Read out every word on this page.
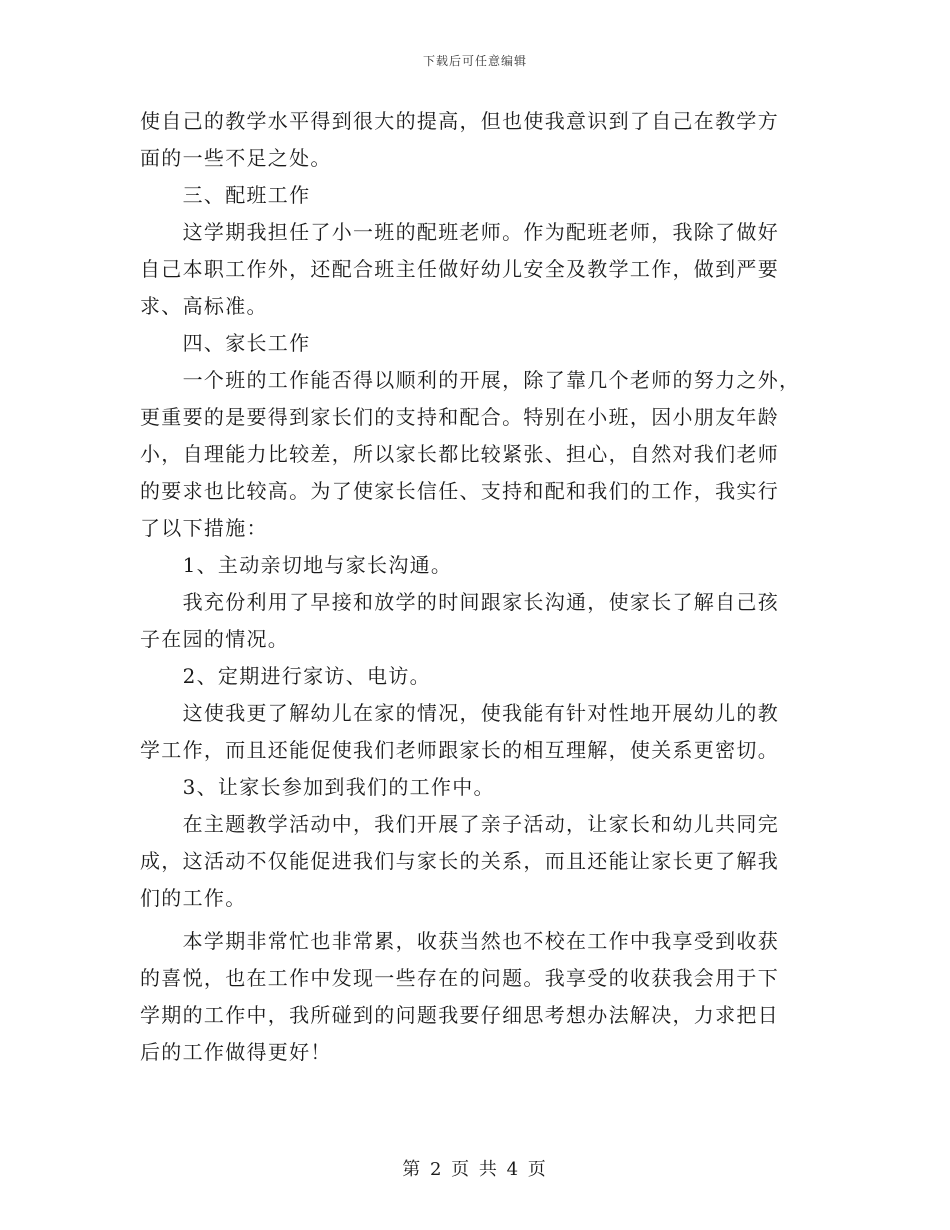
下载后可任意编辑
使自己的教学水平得到很大的提高，但也使我意识到了自己在教学方
面的一些不足之处。
　　三、配班工作
　　这学期我担任了小一班的配班老师。作为配班老师，我除了做好
自己本职工作外，还配合班主任做好幼儿安全及教学工作，做到严要
求、高标准。
　　四、家长工作
　　一个班的工作能否得以顺利的开展，除了靠几个老师的努力之外，
更重要的是要得到家长们的支持和配合。特别在小班，因小朋友年龄
小，自理能力比较差，所以家长都比较紧张、担心，自然对我们老师
的要求也比较高。为了使家长信任、支持和配和我们的工作，我实行
了以下措施：
　　1、主动亲切地与家长沟通。
　　我充份利用了早接和放学的时间跟家长沟通，使家长了解自己孩
子在园的情况。
　　2、定期进行家访、电访。
　　这使我更了解幼儿在家的情况，使我能有针对性地开展幼儿的教
学工作，而且还能促使我们老师跟家长的相互理解，使关系更密切。
　　3、让家长参加到我们的工作中。
　　在主题教学活动中，我们开展了亲子活动，让家长和幼儿共同完
成，这活动不仅能促进我们与家长的关系，而且还能让家长更了解我
们的工作。
　　本学期非常忙也非常累，收获当然也不校在工作中我享受到收获
的喜悦，也在工作中发现一些存在的问题。我享受的收获我会用于下
学期的工作中，我所碰到的问题我要仔细思考想办法解决，力求把日
后的工作做得更好！
第 2 页 共 4 页
